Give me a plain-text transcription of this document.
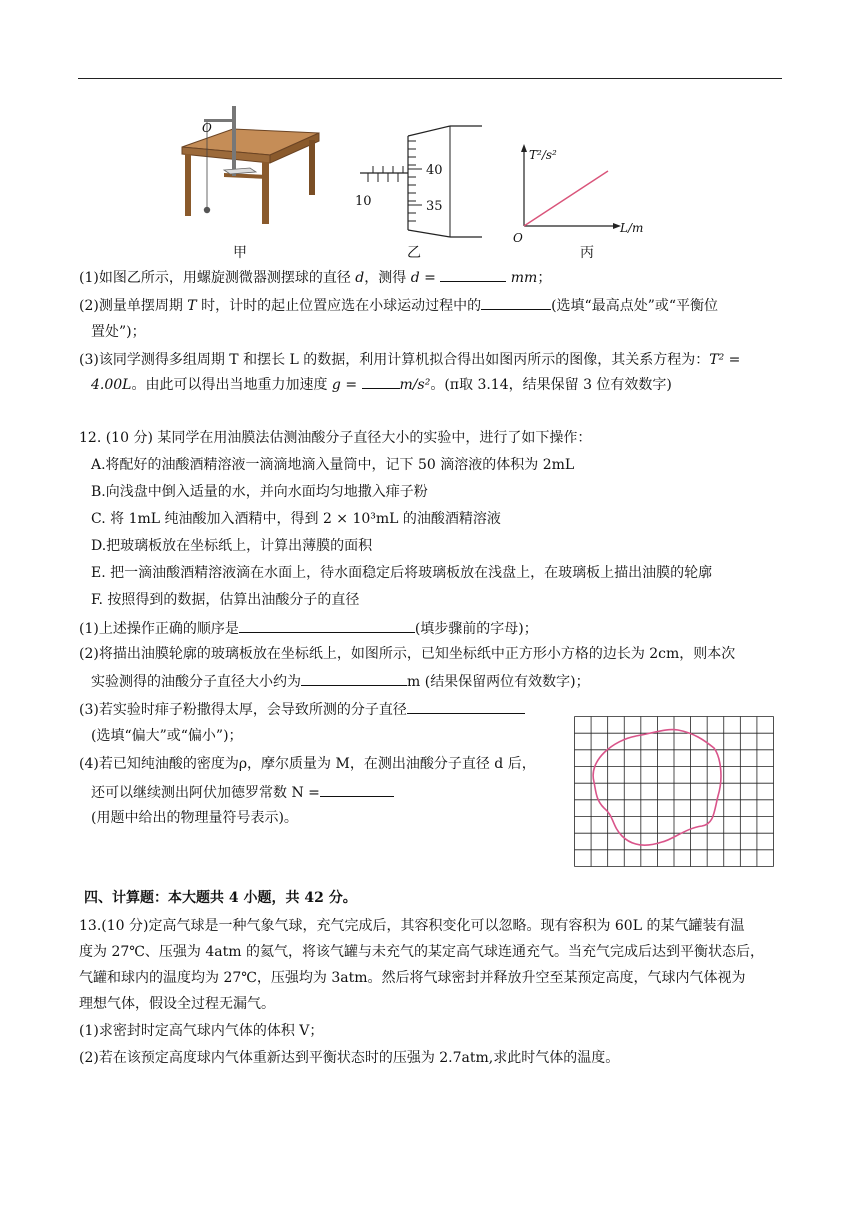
O
甲
10
40
35
乙
T²/s²
L/m
O
丙
(1)如图乙所示，用螺旋测微器测摆球的直径 d，测得 d =	mm；
(2)测量单摆周期 T 时，计时的起止位置应选在小球运动过程中的	(选填“最高点处”或“平衡位
置处”)；
(3)该同学测得多组周期 T 和摆长 L 的数据，利用计算机拟合得出如图丙所示的图像，其关系方程为：T² =
4.00L。由此可以得出当地重力加速度 g =	m/s²。(π取 3.14，结果保留 3 位有效数字)
12. (10 分) 某同学在用油膜法估测油酸分子直径大小的实验中，进行了如下操作：
A.将配好的油酸酒精溶液一滴滴地滴入量筒中，记下 50 滴溶液的体积为 2mL
B.向浅盘中倒入适量的水，并向水面均匀地撒入痱子粉
C. 将 1mL 纯油酸加入酒精中，得到 2 × 10³mL 的油酸酒精溶液
D.把玻璃板放在坐标纸上，计算出薄膜的面积
E. 把一滴油酸酒精溶液滴在水面上，待水面稳定后将玻璃板放在浅盘上，在玻璃板上描出油膜的轮廓
F. 按照得到的数据，估算出油酸分子的直径
(1)上述操作正确的顺序是	(填步骤前的字母)；
(2)将描出油膜轮廓的玻璃板放在坐标纸上，如图所示，已知坐标纸中正方形小方格的边长为 2cm，则本次
实验测得的油酸分子直径大小约为	m (结果保留两位有效数字)；
(3)若实验时痱子粉撒得太厚，会导致所测的分子直径
(选填“偏大”或“偏小”)；
(4)若已知纯油酸的密度为ρ，摩尔质量为 M，在测出油酸分子直径 d 后，
还可以继续测出阿伏加德罗常数 N =
(用题中给出的物理量符号表示)。
四、计算题：本大题共 4 小题，共 42 分。
13.(10 分)定高气球是一种气象气球，充气完成后，其容积变化可以忽略。现有容积为 60L 的某气罐装有温
度为 27℃、压强为 4atm 的氦气，将该气罐与未充气的某定高气球连通充气。当充气完成后达到平衡状态后，
气罐和球内的温度均为 27℃，压强均为 3atm。然后将气球密封并释放升空至某预定高度，气球内气体视为
理想气体，假设全过程无漏气。
(1)求密封时定高气球内气体的体积 V；
(2)若在该预定高度球内气体重新达到平衡状态时的压强为 2.7atm,求此时气体的温度。
